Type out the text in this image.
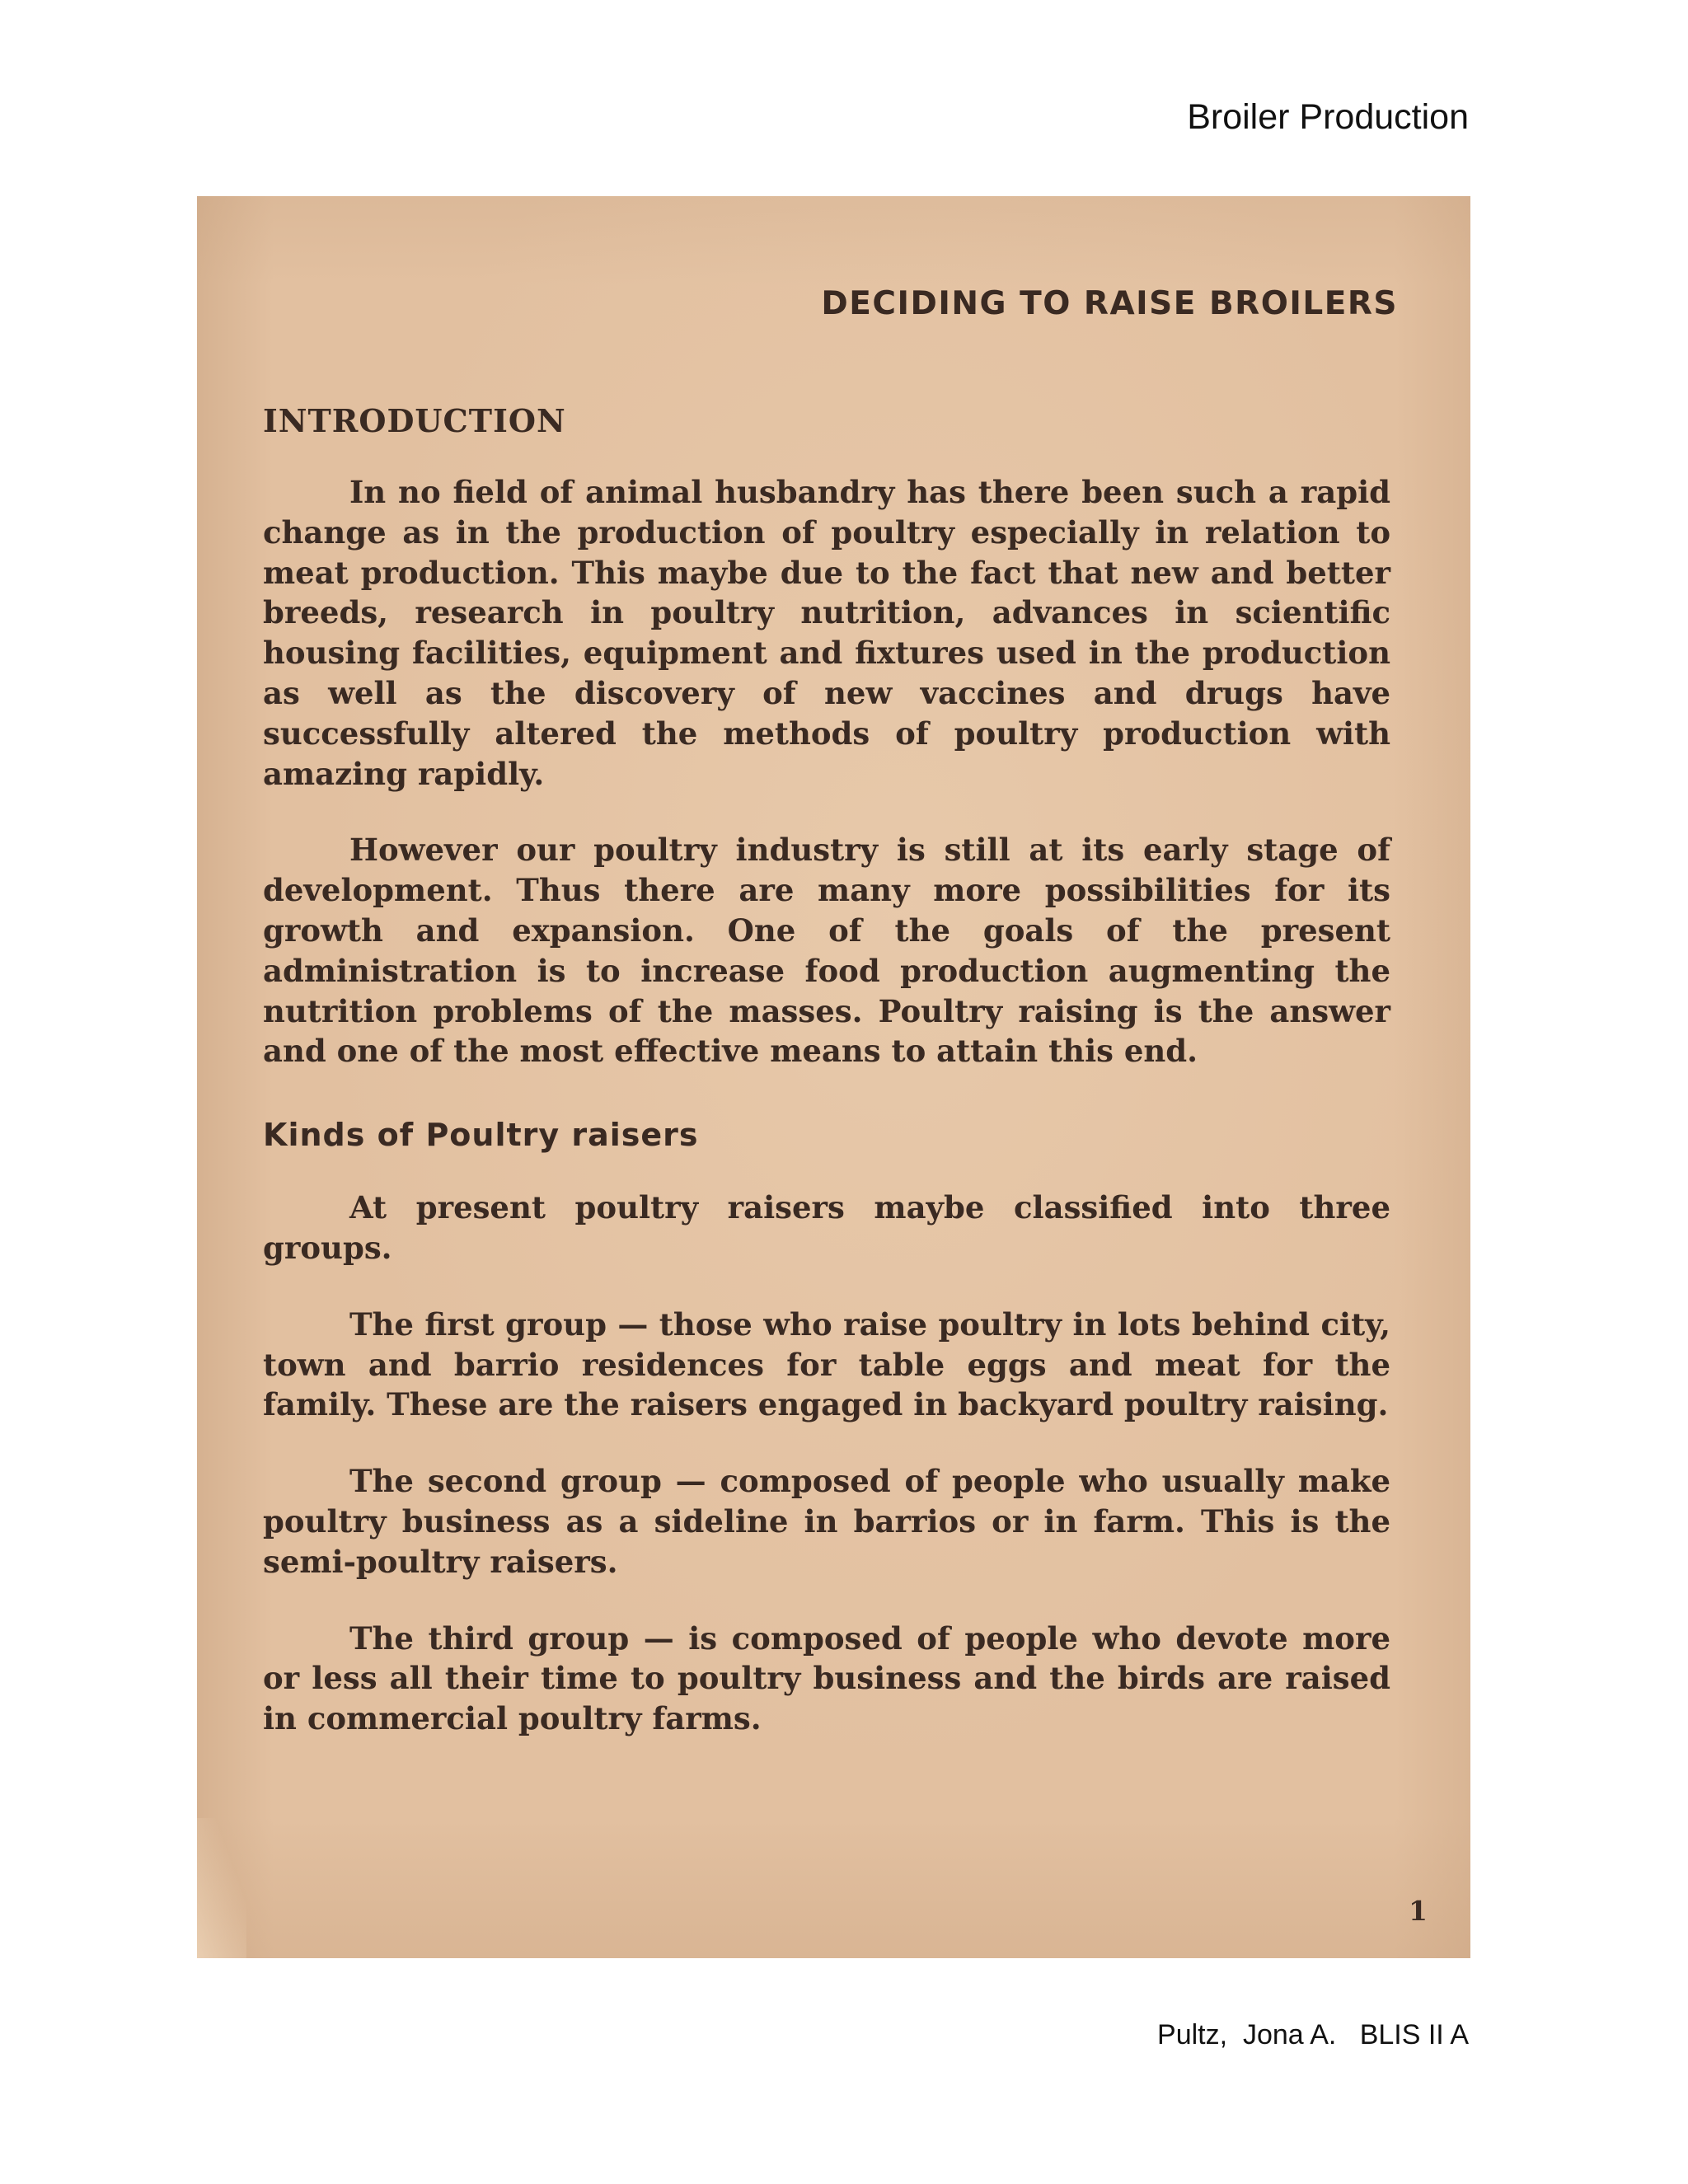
Broiler Production
DECIDING TO RAISE BROILERS
INTRODUCTION

In no field of animal husbandry has there been such a rapid change as in the production of poultry especially in relation to meat production. This maybe due to the fact that new and better breeds, research in poultry nutrition, advances in scientific housing facilities, equipment and fixtures used in the production as well as the discovery of new vaccines and drugs have successfully altered the methods of poultry production with amazing rapidly.

However our poultry industry is still at its early stage of development. Thus there are many more possibilities for its growth and expansion. One of the goals of the present administration is to increase food production augmenting the nutrition problems of the masses. Poultry raising is the answer and one of the most effective means to attain this end.

Kinds of Poultry raisers

At present poultry raisers maybe classified into three groups.

The first group — those who raise poultry in lots behind city, town and barrio residences for table eggs and meat for the family. These are the raisers engaged in backyard poultry raising.

The second group — composed of people who usually make poultry business as a sideline in barrios or in farm. This is the semi-poultry raisers.

The third group — is composed of people who devote more or less all their time to poultry business and the birds are raised in commercial poultry farms.

1
Pultz,  Jona A.   BLIS II A
